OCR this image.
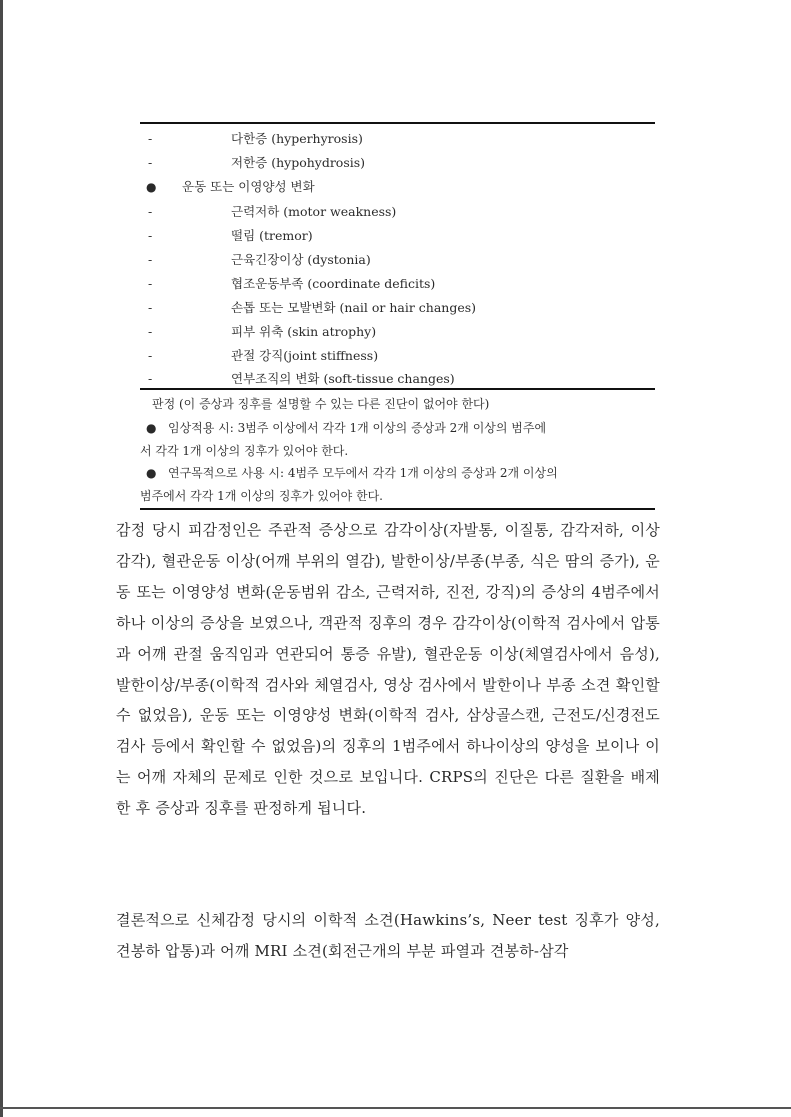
-	다한증 (hyperhyrosis)
-	저한증 (hypohydrosis)
● 운동 또는 이영양성 변화
-	근력저하 (motor weakness)
-	떨림 (tremor)
-	근육긴장이상 (dystonia)
-	협조운동부족 (coordinate deficits)
-	손톱 또는 모발변화 (nail or hair changes)
-	피부 위축 (skin atrophy)
-	관절 강직(joint stiffness)
-	연부조직의 변화 (soft-tissue changes)
판정 (이 증상과 징후를 설명할 수 있는 다른 진단이 없어야 한다)
● 임상적용 시: 3범주 이상에서 각각 1개 이상의 증상과 2개 이상의 범주에
서 각각 1개 이상의 징후가 있어야 한다.
● 연구목적으로 사용 시: 4범주 모두에서 각각 1개 이상의 증상과 2개 이상의
범주에서 각각 1개 이상의 징후가 있어야 한다.
감정 당시 피감정인은 주관적 증상으로 감각이상(자발통, 이질통, 감각저하, 이상감각), 혈관운동 이상(어깨 부위의 열감), 발한이상/부종(부종, 식은 땀의 증가), 운동 또는 이영양성 변화(운동범위 감소, 근력저하, 진전, 강직)의 증상의 4범주에서 하나 이상의 증상을 보였으나, 객관적 징후의 경우 감각이상(이학적 검사에서 압통과 어깨 관절 움직임과 연관되어 통증 유발), 혈관운동 이상(체열검사에서 음성), 발한이상/부종(이학적 검사와 체열검사, 영상 검사에서 발한이나 부종 소견 확인할 수 없었음), 운동 또는 이영양성 변화(이학적 검사, 삼상골스캔, 근전도/신경전도 검사 등에서 확인할 수 없었음)의 징후의 1범주에서 하나이상의 양성을 보이나 이는 어깨 자체의 문제로 인한 것으로 보입니다. CRPS의 진단은 다른 질환을 배제한 후 증상과 징후를 판정하게 됩니다.
결론적으로 신체감정 당시의 이학적 소견(Hawkins’s, Neer test 징후가 양성, 견봉하 압통)과 어깨 MRI 소견(회전근개의 부분 파열과 견봉하-삼각
